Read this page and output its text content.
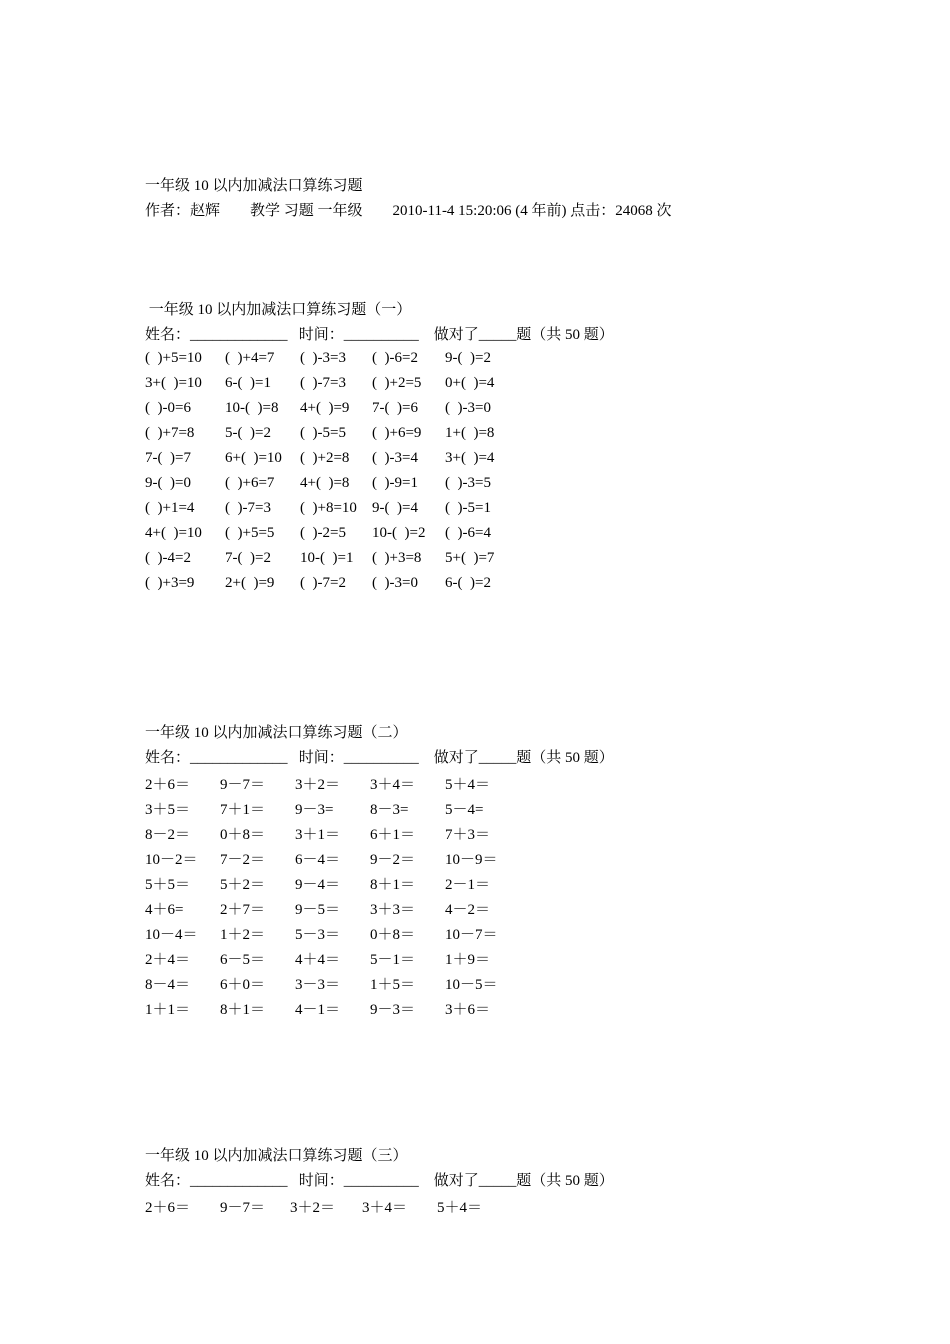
一年级 10 以内加减法口算练习题
作者：赵辉        教学 习题 一年级        2010-11-4 15:20:06 (4 年前) 点击：24068 次
一年级 10 以内加减法口算练习题（一）
姓名：_____________   时间：__________    做对了_____题（共 50 题）
(  )+5=10 (  )+4=7 (  )-3=3 (  )-6=2 9-(  )=2
3+(  )=10 6-(  )=1 (  )-7=3 (  )+2=5 0+(  )=4
(  )-0=6 10-(  )=8 4+(  )=9 7-(  )=6 (  )-3=0
(  )+7=8 5-(  )=2 (  )-5=5 (  )+6=9 1+(  )=8
7-(  )=7 6+(  )=10 (  )+2=8 (  )-3=4 3+(  )=4
9-(  )=0 (  )+6=7 4+(  )=8 (  )-9=1 (  )-3=5
(  )+1=4 (  )-7=3 (  )+8=10 9-(  )=4 (  )-5=1
4+(  )=10 (  )+5=5 (  )-2=5 10-(  )=2 (  )-6=4
(  )-4=2 7-(  )=2 10-(  )=1 (  )+3=8 5+(  )=7
(  )+3=9 2+(  )=9 (  )-7=2 (  )-3=0 6-(  )=2
一年级 10 以内加减法口算练习题（二）
姓名：_____________   时间：__________    做对了_____题（共 50 题）
2＋6＝ 9－7＝ 3＋2＝ 3＋4＝ 5＋4＝
3＋5＝ 7＋1＝ 9－3= 8－3= 5－4=
8－2＝ 0＋8＝ 3＋1＝ 6＋1＝ 7＋3＝
10－2＝ 7－2＝ 6－4＝ 9－2＝ 10－9＝
5＋5＝ 5＋2＝ 9－4＝ 8＋1＝ 2－1＝
4＋6= 2＋7＝ 9－5＝ 3＋3＝ 4－2＝
10－4＝ 1＋2＝ 5－3＝ 0＋8＝ 10－7＝
2＋4＝ 6－5＝ 4＋4＝ 5－1＝ 1＋9＝
8－4＝ 6＋0＝ 3－3＝ 1＋5＝ 10－5＝
1＋1＝ 8＋1＝ 4－1＝ 9－3＝ 3＋6＝
一年级 10 以内加减法口算练习题（三）
姓名：_____________   时间：__________    做对了_____题（共 50 题）
2＋6＝ 9－7＝ 3＋2＝ 3＋4＝ 5＋4＝
